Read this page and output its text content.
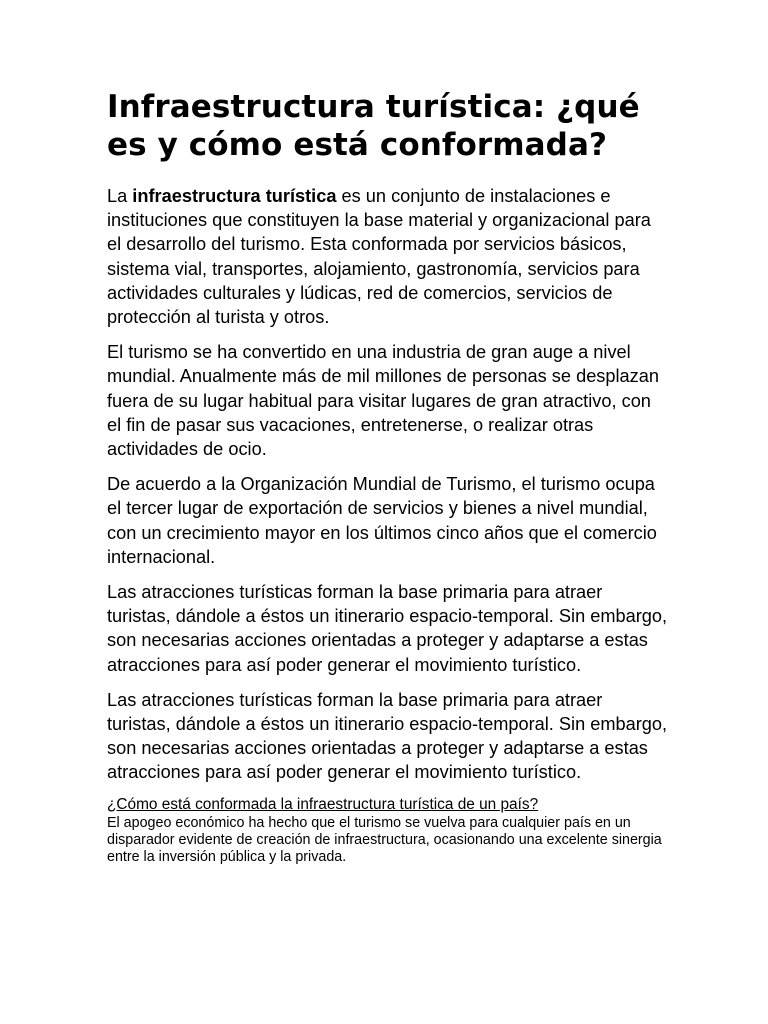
Infraestructura turística: ¿qué es y cómo está conformada?

La infraestructura turística es un conjunto de instalaciones e instituciones que constituyen la base material y organizacional para el desarrollo del turismo. Esta conformada por servicios básicos, sistema vial, transportes, alojamiento, gastronomía, servicios para actividades culturales y lúdicas, red de comercios, servicios de protección al turista y otros.

El turismo se ha convertido en una industria de gran auge a nivel mundial. Anualmente más de mil millones de personas se desplazan fuera de su lugar habitual para visitar lugares de gran atractivo, con el fin de pasar sus vacaciones, entretenerse, o realizar otras actividades de ocio.

De acuerdo a la Organización Mundial de Turismo, el turismo ocupa el tercer lugar de exportación de servicios y bienes a nivel mundial, con un crecimiento mayor en los últimos cinco años que el comercio internacional.

Las atracciones turísticas forman la base primaria para atraer turistas, dándole a éstos un itinerario espacio-temporal. Sin embargo, son necesarias acciones orientadas a proteger y adaptarse a estas atracciones para así poder generar el movimiento turístico.

Las atracciones turísticas forman la base primaria para atraer turistas, dándole a éstos un itinerario espacio-temporal. Sin embargo, son necesarias acciones orientadas a proteger y adaptarse a estas atracciones para así poder generar el movimiento turístico.

¿Cómo está conformada la infraestructura turística de un país?

El apogeo económico ha hecho que el turismo se vuelva para cualquier país en un disparador evidente de creación de infraestructura, ocasionando una excelente sinergia entre la inversión pública y la privada.
